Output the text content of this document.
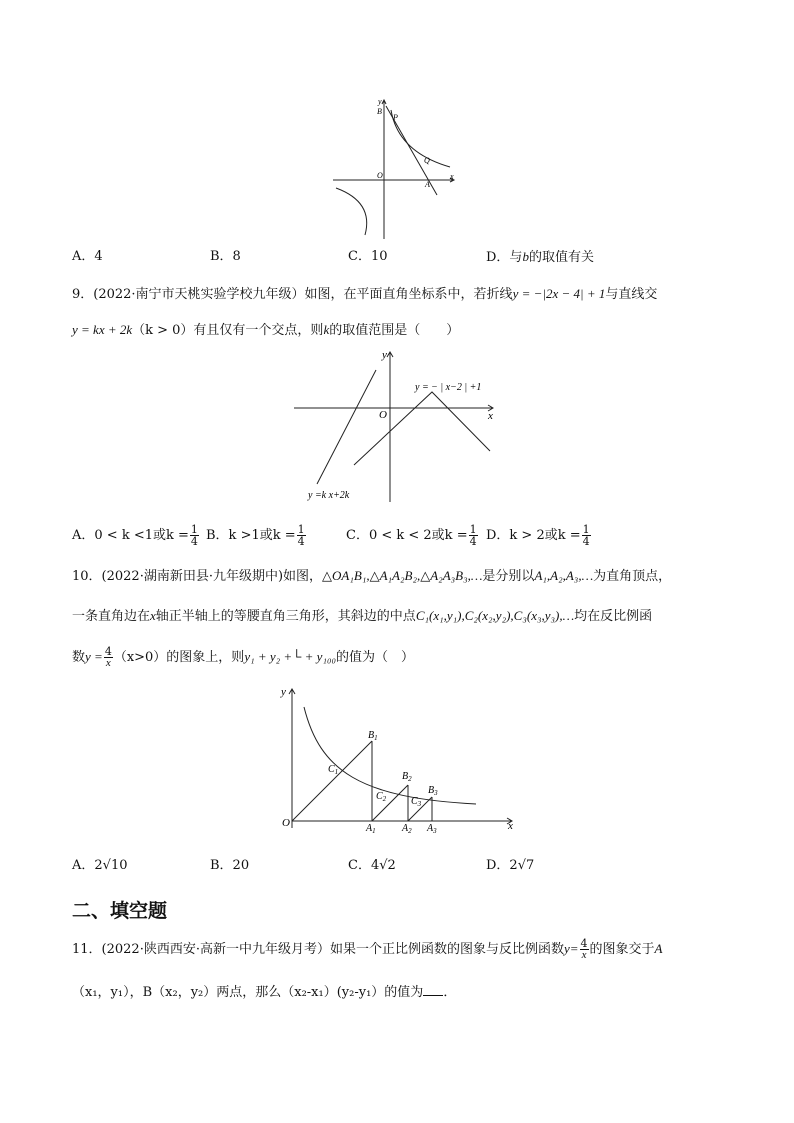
y
B
P
Q
O
A
x
A．4	B．8	C．10	D．与b的取值有关
9．(2022·南宁市天桃实验学校九年级）如图，在平面直角坐标系中，若折线y = −|2x − 4| + 1与直线交
y = kx + 2k（k > 0）有且仅有一个交点，则k的取值范围是（　　）
y
x
O
y = − | x−2 | +1
y =k x+2k
A．0 < k <1或$k = \frac{1}{4}$ B．k >1或$k = \frac{1}{4}$	C．0 < k < 2或$k = \frac{1}{4}$ D．k > 2或$k = \frac{1}{4}$
10．(2022·湖南新田县·九年级期中)如图，△OA₁B₁,△A₁A₂B₂,△A₂A₃B₃,…是分别以A₁,A₂,A₃,…为直角顶点，
一条直角边在x轴正半轴上的等腰直角三角形，其斜边的中点C₁(x₁,y₁),C₂(x₂,y₂),C₃(x₃,y₃),…均在反比例函
数$y = \frac{4}{x} (x>0)$的图象上，则y₁ + y₂ +└ + y₁₀₀的值为（　）
y
x
O
$B_1$
$B_2$
$B_3$
$C_1$
$C_2$ $C_3$
$A_1$	$A_2$ $A_3$
A．2√10	B．20	C．4√2	D．2√7
二、填空题
11．(2022·陕西西安·高新一中九年级月考）如果一个正比例函数的图象与反比例函数$y= \frac{4}{x}$ 的图象交于A
（x₁，y₁），B（x₂，y₂）两点，那么（x₂-x₁）(y₂-y₁）的值为 ．
